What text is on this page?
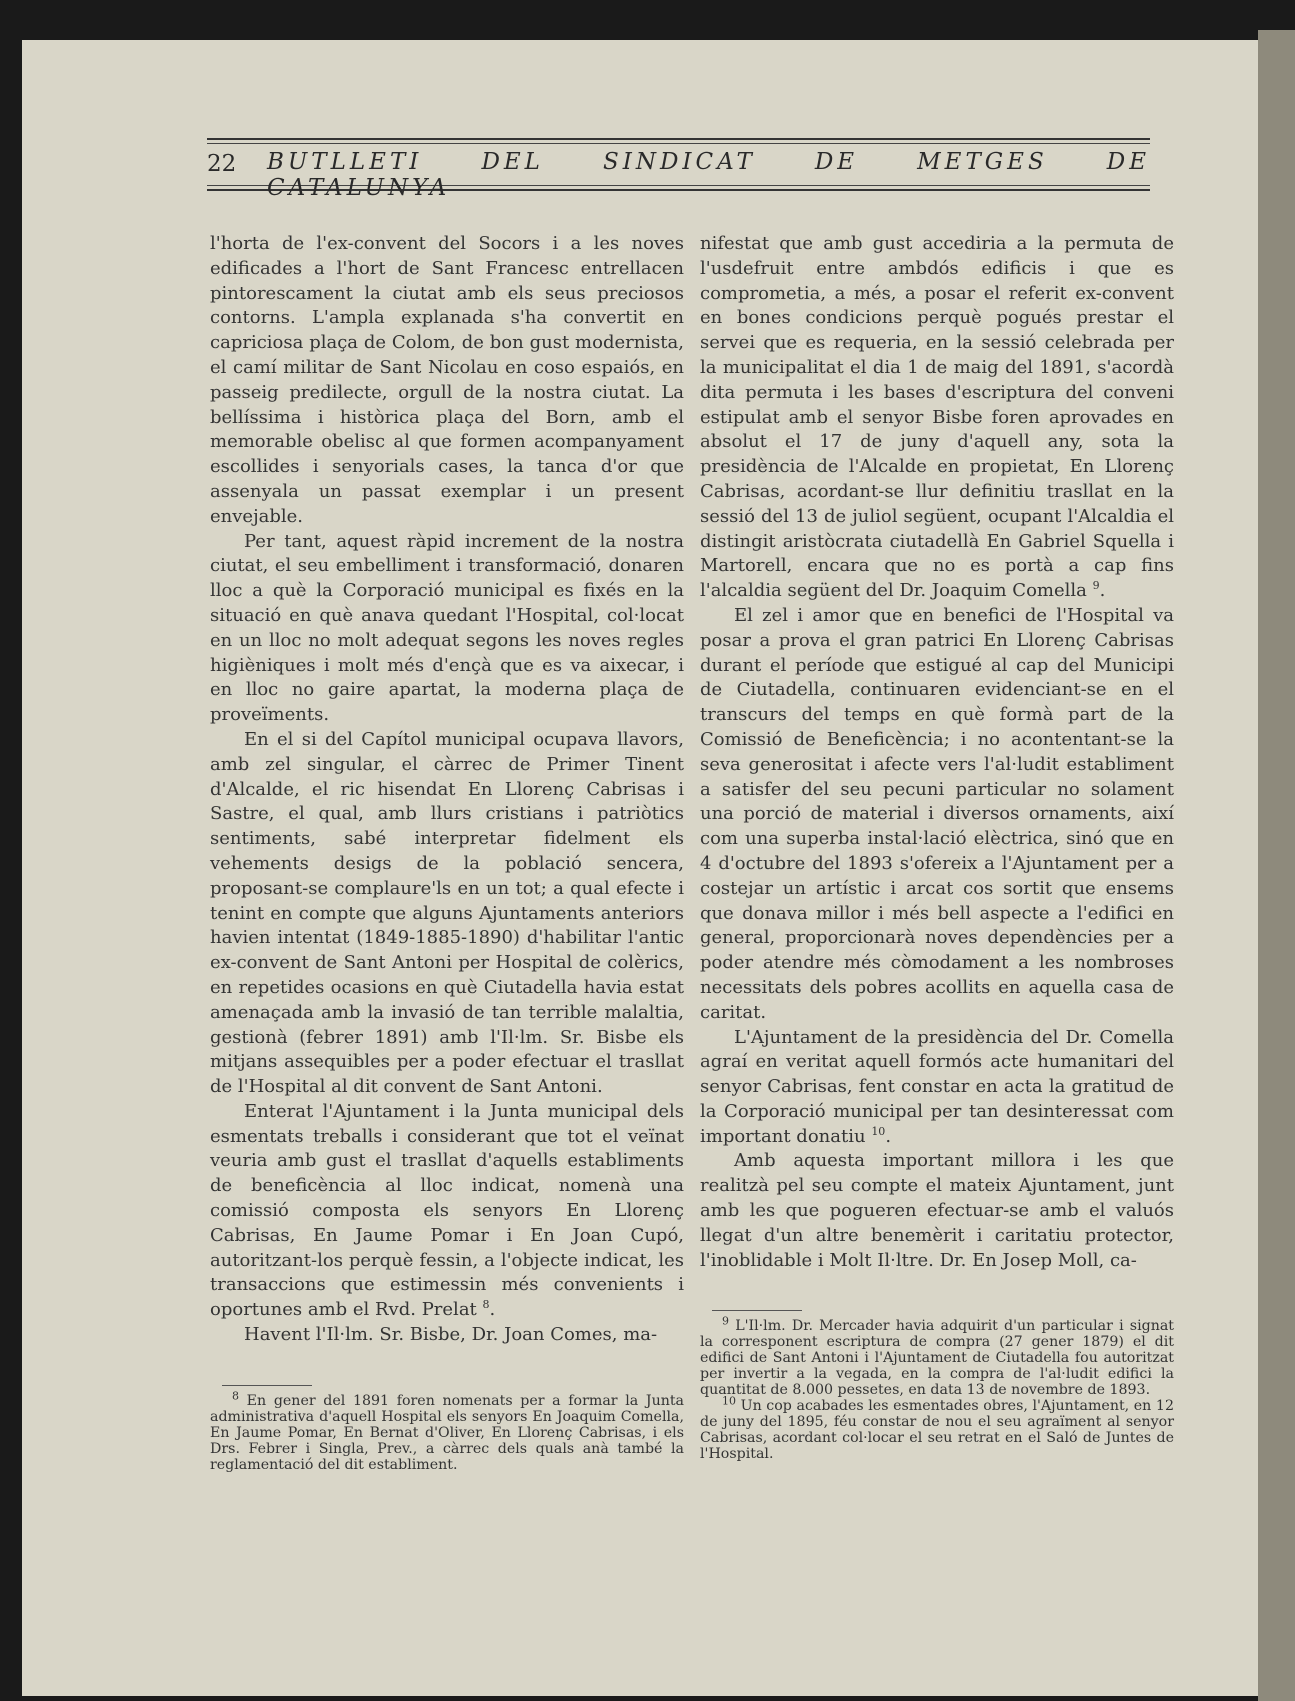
22 BUTLLETI DEL SINDICAT DE METGES DE CATALUNYA

l'horta de l'ex-convent del Socors i a les noves edificades a l'hort de Sant Francesc entrellacen pintorescament la ciutat amb els seus preciosos contorns. L'ampla explanada s'ha convertit en capriciosa plaça de Colom, de bon gust modernista, el camí militar de Sant Nicolau en coso espaiós, en passeig predilecte, orgull de la nostra ciutat. La bellíssima i històrica plaça del Born, amb el memorable obelisc al que formen acompanyament escollides i senyorials cases, la tanca d'or que assenyala un passat exemplar i un present envejable.

Per tant, aquest ràpid increment de la nostra ciutat, el seu embelliment i transformació, donaren lloc a què la Corporació municipal es fixés en la situació en què anava quedant l'Hospital, col·locat en un lloc no molt adequat segons les noves regles higièniques i molt més d'ençà que es va aixecar, i en lloc no gaire apartat, la moderna plaça de proveïments.

En el si del Capítol municipal ocupava llavors, amb zel singular, el càrrec de Primer Tinent d'Alcalde, el ric hisendat En Llorenç Cabrisas i Sastre, el qual, amb llurs cristians i patriòtics sentiments, sabé interpretar fidelment els vehements desigs de la població sencera, proposant-se complaure'ls en un tot; a qual efecte i tenint en compte que alguns Ajuntaments anteriors havien intentat (1849-1885-1890) d'habilitar l'antic ex-convent de Sant Antoni per Hospital de colèrics, en repetides ocasions en què Ciutadella havia estat amenaçada amb la invasió de tan terrible malaltia, gestionà (febrer 1891) amb l'Il·lm. Sr. Bisbe els mitjans assequibles per a poder efectuar el trasllat de l'Hospital al dit convent de Sant Antoni.

Enterat l'Ajuntament i la Junta municipal dels esmentats treballs i considerant que tot el veïnat veuria amb gust el trasllat d'aquells establiments de beneficència al lloc indicat, nomenà una comissió composta els senyors En Llorenç Cabrisas, En Jaume Pomar i En Joan Cupó, autoritzant-los perquè fessin, a l'objecte indicat, les transaccions que estimessin més convenients i oportunes amb el Rvd. Prelat $^8$.

Havent l'Il·lm. Sr. Bisbe, Dr. Joan Comes, ma-

nifestat que amb gust accediria a la permuta de l'usdefruit entre ambdós edificis i que es comprometia, a més, a posar el referit ex-convent en bones condicions perquè pogués prestar el servei que es requeria, en la sessió celebrada per la municipalitat el dia 1 de maig del 1891, s'acordà dita permuta i les bases d'escriptura del conveni estipulat amb el senyor Bisbe foren aprovades en absolut el 17 de juny d'aquell any, sota la presidència de l'Alcalde en propietat, En Llorenç Cabrisas, acordant-se llur definitiu trasllat en la sessió del 13 de juliol següent, ocupant l'Alcaldia el distingit aristòcrata ciutadellà En Gabriel Squella i Martorell, encara que no es portà a cap fins l'alcaldia següent del Dr. Joaquim Comella $^9$.

El zel i amor que en benefici de l'Hospital va posar a prova el gran patrici En Llorenç Cabrisas durant el període que estigué al cap del Municipi de Ciutadella, continuaren evidenciant-se en el transcurs del temps en què formà part de la Comissió de Beneficència; i no acontentant-se la seva generositat i afecte vers l'al·ludit establiment a satisfer del seu pecuni particular no solament una porció de material i diversos ornaments, així com una superba instal·lació elèctrica, sinó que en 4 d'octubre del 1893 s'ofereix a l'Ajuntament per a costejar un artístic i arcat cos sortit que ensems que donava millor i més bell aspecte a l'edifici en general, proporcionarà noves dependències per a poder atendre més còmodament a les nombroses necessitats dels pobres acollits en aquella casa de caritat.

L'Ajuntament de la presidència del Dr. Comella agraí en veritat aquell formós acte humanitari del senyor Cabrisas, fent constar en acta la gratitud de la Corporació municipal per tan desinteressat com important donatiu $^{10}$.

Amb aquesta important millora i les que realitzà pel seu compte el mateix Ajuntament, junt amb les que pogueren efectuar-se amb el valuós llegat d'un altre benemèrit i caritatiu protector, l'inoblidable i Molt Il·ltre. Dr. En Josep Moll, ca-

$^8$ En gener del 1891 foren nomenats per a formar la Junta administrativa d'aquell Hospital els senyors En Joaquim Comella, En Jaume Pomar, En Bernat d'Oliver, En Llorenç Cabrisas, i els Drs. Febrer i Singla, Prev., a càrrec dels quals anà també la reglamentació del dit establiment.

$^9$ L'Il·lm. Dr. Mercader havia adquirit d'un particular i signat la corresponent escriptura de compra (27 gener 1879) el dit edifici de Sant Antoni i l'Ajuntament de Ciutadella fou autoritzat per invertir a la vegada, en la compra de l'al·ludit edifici la quantitat de 8.000 pessetes, en data 13 de novembre de 1893.

$^{10}$ Un cop acabades les esmentades obres, l'Ajuntament, en 12 de juny del 1895, féu constar de nou el seu agraïment al senyor Cabrisas, acordant col·locar el seu retrat en el Saló de Juntes de l'Hospital.
